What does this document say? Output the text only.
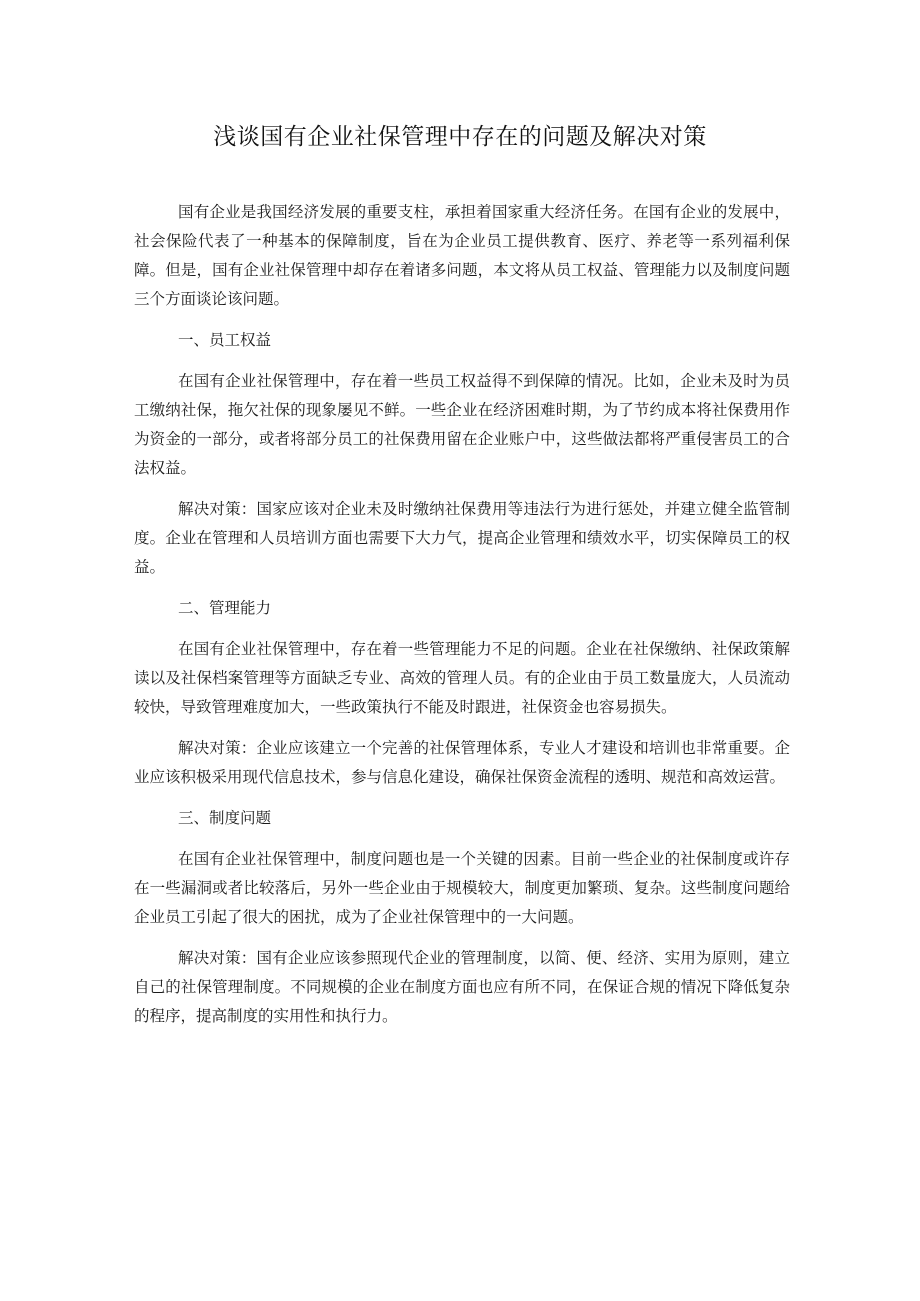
浅谈国有企业社保管理中存在的问题及解决对策

国有企业是我国经济发展的重要支柱，承担着国家重大经济任务。在国有企业的发展中，社会保险代表了一种基本的保障制度，旨在为企业员工提供教育、医疗、养老等一系列福利保障。但是，国有企业社保管理中却存在着诸多问题，本文将从员工权益、管理能力以及制度问题三个方面谈论该问题。

一、员工权益

在国有企业社保管理中，存在着一些员工权益得不到保障的情况。比如，企业未及时为员工缴纳社保，拖欠社保的现象屡见不鲜。一些企业在经济困难时期，为了节约成本将社保费用作为资金的一部分，或者将部分员工的社保费用留在企业账户中，这些做法都将严重侵害员工的合法权益。

解决对策：国家应该对企业未及时缴纳社保费用等违法行为进行惩处，并建立健全监管制度。企业在管理和人员培训方面也需要下大力气，提高企业管理和绩效水平，切实保障员工的权益。

二、管理能力

在国有企业社保管理中，存在着一些管理能力不足的问题。企业在社保缴纳、社保政策解读以及社保档案管理等方面缺乏专业、高效的管理人员。有的企业由于员工数量庞大，人员流动较快，导致管理难度加大，一些政策执行不能及时跟进，社保资金也容易损失。

解决对策：企业应该建立一个完善的社保管理体系，专业人才建设和培训也非常重要。企业应该积极采用现代信息技术，参与信息化建设，确保社保资金流程的透明、规范和高效运营。

三、制度问题

在国有企业社保管理中，制度问题也是一个关键的因素。目前一些企业的社保制度或许存在一些漏洞或者比较落后，另外一些企业由于规模较大，制度更加繁琐、复杂。这些制度问题给企业员工引起了很大的困扰，成为了企业社保管理中的一大问题。

解决对策：国有企业应该参照现代企业的管理制度，以简、便、经济、实用为原则，建立自己的社保管理制度。不同规模的企业在制度方面也应有所不同，在保证合规的情况下降低复杂的程序，提高制度的实用性和执行力。
